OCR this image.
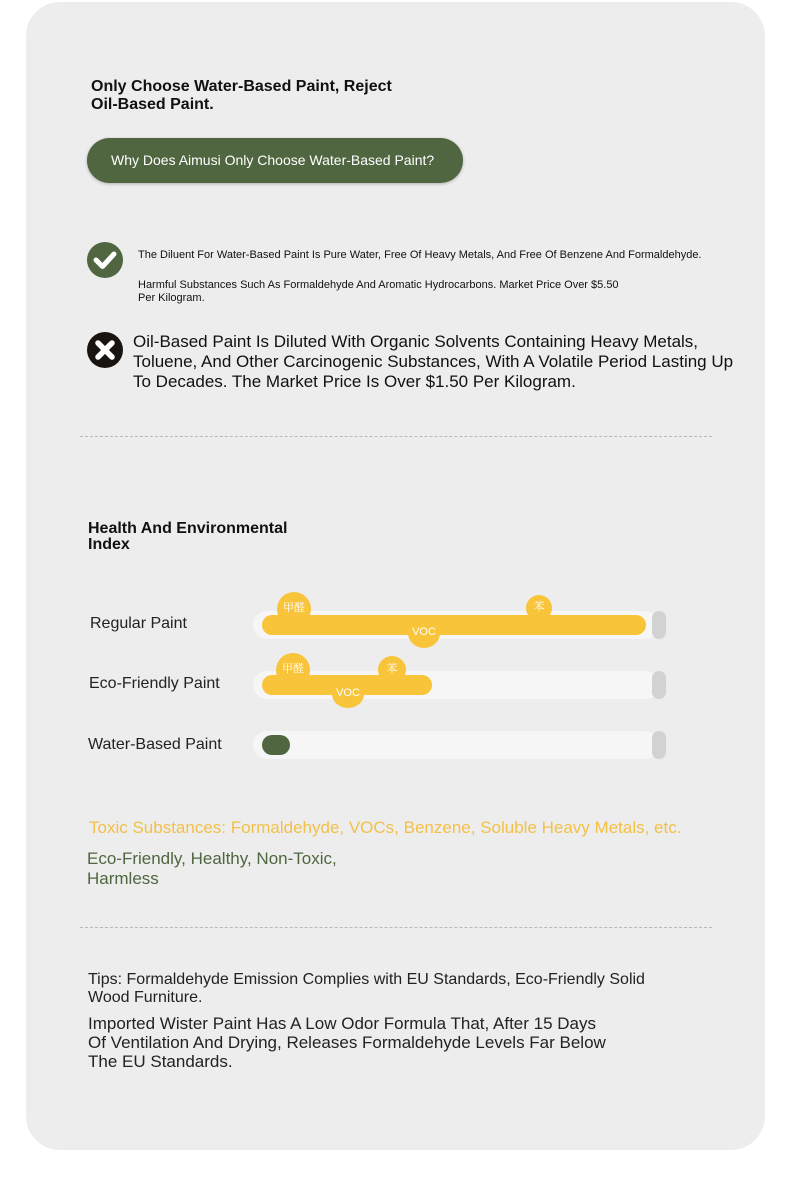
Only Choose Water-Based Paint, Reject Oil-Based Paint.
Why Does Aimusi Only Choose Water-Based Paint?
The Diluent For Water-Based Paint Is Pure Water, Free Of Heavy Metals, And Free Of Benzene And Formaldehyde.
Harmful Substances Such As Formaldehyde And Aromatic Hydrocarbons. Market Price Over $5.50 Per Kilogram.
Oil-Based Paint Is Diluted With Organic Solvents Containing Heavy Metals, Toluene, And Other Carcinogenic Substances, With A Volatile Period Lasting Up To Decades. The Market Price Is Over $1.50 Per Kilogram.
Health And Environmental Index
Regular Paint
甲醛
VOC
苯
Eco-Friendly Paint
甲醛
VOC
苯
Water-Based Paint
Toxic Substances: Formaldehyde, VOCs, Benzene, Soluble Heavy Metals, etc.
Eco-Friendly, Healthy, Non-Toxic, Harmless
Tips: Formaldehyde Emission Complies with EU Standards, Eco-Friendly Solid Wood Furniture.
Imported Wister Paint Has A Low Odor Formula That, After 15 Days Of Ventilation And Drying, Releases Formaldehyde Levels Far Below The EU Standards.
